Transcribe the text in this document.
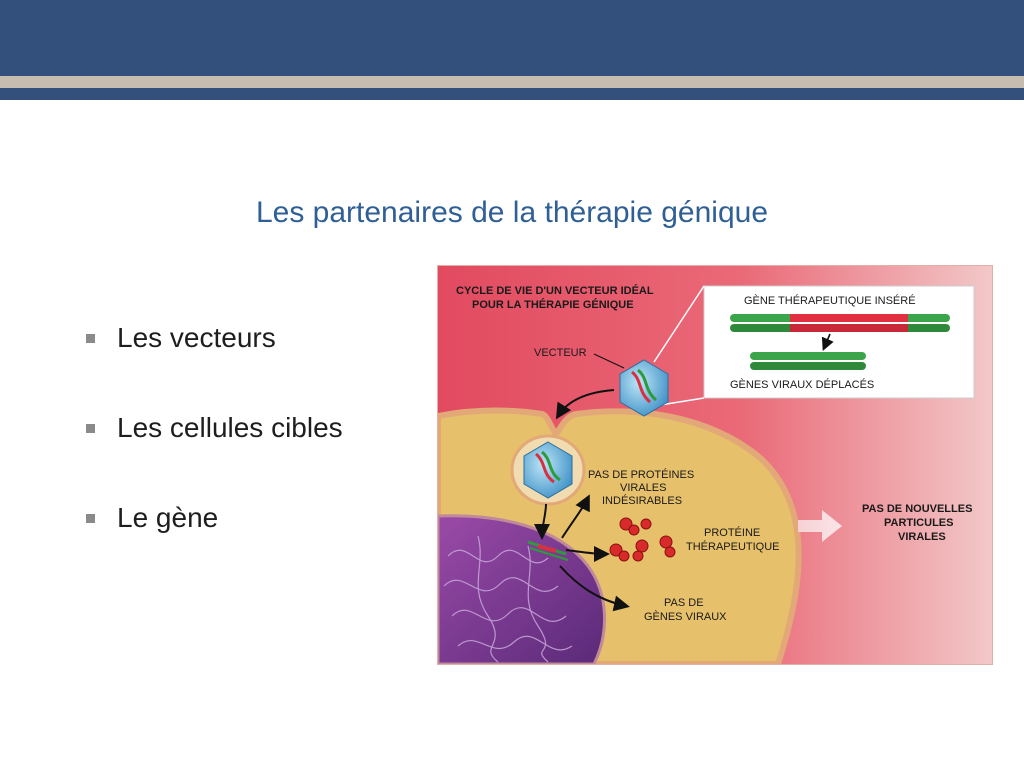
Les partenaires de la thérapie génique
Les vecteurs
Les cellules cibles
Le gène
CYCLE DE VIE D'UN VECTEUR IDÉAL
POUR LA THÉRAPIE GÉNIQUE	GÈNE THÉRAPEUTIQUE INSÉRÉ
GÈNES VIRAUX DÉPLACÉS
VECTEUR
PAS DE PROTÉINES
VIRALES
INDÉSIRABLES
PROTÉINE
THÉRAPEUTIQUE
PAS DE
GÈNES VIRAUX
PAS DE NOUVELLES
PARTICULES
VIRALES
